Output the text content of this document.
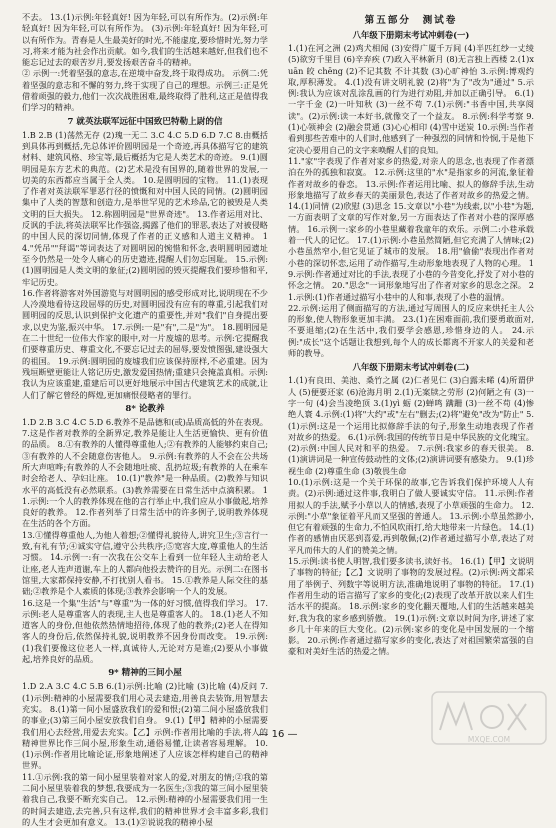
不去。 13.(1)示例:年轻真好! 因为年轻,可以有所作为。(2)示例:年轻真好! 因为年轻,可以有所作为。 (3)示例:年轻真好! 因为年轻,可以有所作为。青春是人生最美好的时光,不能虚度,要珍惜时光,努力学习,将来才能为社会作出贡献。如今,我们的生活越来越好,但我们也不能忘记过去的艰苦岁月,要发扬艰苦奋斗的精神。

② 示例一:凭着坚强的意志,在逆境中奋发,终于取得成功。 示例二:凭着坚强的意志和不懈的努力,终于实现了自己的理想。示例三:正是凭借着顽强的毅力,他们一次次战胜困难,最终取得了胜利,这正是值得我们学习的精神。

7 就英法联军远征中国致巴特勒上尉的信

1.B 2.B (1)荡然无存 (2)瑰一无二 3.C 4.C 5.D 6.D 7.C 8.由概括到具体再到概括,先总体评价圆明园是一个奇迹,再具体描写它的建筑材料、建筑风格、珍宝等,最后概括为它是人类艺术的奇迹。 9.(1)圆明园是东方艺术的典范。(2)艺术是没有国界的,随着世界的发展,一切美的东西都应当属于全人类。 10.是圆明园的宝物。 11.(1)表现了作者对英法联军罪恶行径的愤慨和对中国人民的同情。(2)圆明园集中了人类的智慧和创造力,是举世罕见的艺术珍品,它的被毁是人类文明的巨大损失。 12.称圆明园是"世界奇迹"。 13.作者运用对比、反讽的手法,将英法联军比作强盗,揭露了他们的罪恶,表达了对被侵略的中国人民的深切同情,体现了作者的正义感和人道主义精神。 14."凭吊""拜谒"等词表达了对圆明园的惋惜和怀念,表明圆明园遗址至今仍然是一处令人痛心的历史遗迹,提醒人们勿忘国耻。 15.示例:(1)圆明园是人类文明的象征;(2)圆明园的毁灭提醒我们要珍惜和平,牢记历史。

16.作者将游客对外国游览与对圆明园的感受形成对比,说明现在不少人冷漠地看待这段屈辱的历史,对圆明园没有应有的尊重,引起我们对圆明园的反思,认识到保护文化遗产的重要性,并对"我们"自身提出要求,以史为鉴,振兴中华。 17.示例:一是"有",二是"为"。 18.圆明园是在二十世纪一位伟大作家的眼中,对一片废墟的思考。示例:它提醒我们要尊重历史、尊重文化,不要忘记过去的屈辱,要发愤图强,建设强大的祖国。 19.示例:圆明园的废墟我们应该保持原样,不必重建。因为残垣断壁更能让人铭记历史,激发爱国热情;重建只会掩盖真相。示例:我认为应该重建,重建后可以更好地展示中国古代建筑艺术的成就,让人们了解它曾经的辉煌,更加痛恨侵略者的罪行。

8* 论教养

1.D 2.B 3.C 4.C 5.D 6.教养不是品德和(或)品质高低的外在表现。 7.这是作者对教养的全新界定,教养是能让人生活更愉快、更有价值的品质。 8.①有教养的人懂得尊重他人;②有教养的人能够约束自己;③有教养的人不会随意伤害他人。 9.示例:有教养的人不会在公共场所大声喧哗;有教养的人不会随地吐痰、乱扔垃圾;有教养的人在乘车时会给老人、孕妇让座。 10.(1)"教养"是一种品质。(2)教养与知识水平的高低没有必然联系。(3)教养需要在日常生活中点滴积累。 11.示例:一个人的教养体现在他的言行举止中,我们应从小事做起,培养良好的教养。 12.作者列举了日常生活中的许多例子,说明教养体现在生活的各个方面。

13.①懂得尊重他人,为他人着想;②懂得礼貌待人,讲究卫生;③言行一致,有礼有节;④诚实守信,遵守公共秩序;⑤宽容大度,尊重他人的生活习惯。 14.示例一:有一次我在公交车上看到一位年轻人主动给老人让座,老人连声道谢,车上的人都向他投去赞许的目光。示例二:在图书馆里,大家都保持安静,不打扰别人看书。 15.①教养是人际交往的基础;②教养是个人素质的体现;③教养会影响一个人的发展。

16.这是一个集"生活"与"尊重"为一体的好习惯,值得我们学习。 17.示例:老人是尊重客人的表现,主人也是尊重客人的。 18.(1)老人不知道客人的身份,但他依然热情地招待,体现了他的教养;(2)老人在得知客人的身份后,依然保持礼貌,说明教养不因身份而改变。 19.示例:(1)我们要像这位老人一样,真诚待人,无论对方是谁;(2)要从小事做起,培养良好的品质。

9* 精神的三间小屋

1.D 2.A 3.C 4.C 5.B 6.(1)示例:比喻 (2)比喻 (3)比喻 (4)反问 7.(1)示例:精神的小屋需要我们用心灵去建造,用善良去装饰,用智慧去充实。 8.(1)第一间小屋盛放我们的爱和恨;(2)第二间小屋盛放我们的事业;(3)第三间小屋安放我们自身。 9.(1)【甲】精神的小屋需要我们用心去经营,用爱去充实。【乙】示例:作者用比喻的手法,将人的精神世界比作三间小屋,形象生动,通俗易懂,让读者容易理解。 10.(1)示例:作者用比喻论证,形象地阐述了人应该怎样构建自己的精神世界。

11.①示例:我的第一间小屋里装着对家人的爱,对朋友的情;②我的第二间小屋里装着我的梦想,我要成为一名医生;③我的第三间小屋里装着我自己,我要不断充实自己。 12.示例:精神的小屋需要我们用一生的时间去建造,去完善,只有这样,我们的精神世界才会丰富多彩,我们的人生才会更加有意义。 13.(1)②说说我的精神小屋

第五部分　测试卷

八年级下册期末考试冲刺卷(一)

1.(1)在河之洲 (2)鸡犬相闻 (3)安得广厦千万间 (4)半匹红纱一丈绫 (5)欲穷千里目 (6)辛弃疾 (7)政入平林新月 (8)无言独上西楼 2.(1)xuān 皎 chēng (2)不记其数 不计其数 (3)心旷神怡 3.示例:博观约取,厚积薄发。 4.(1)没有讲文明礼貌 (2)将"为了"改为"通过" 5.示例:我认为应该对乱涂乱画的行为进行劝阻,并加以正确引导。 6.(1)一字千金 (2)一叶知秋 (3)一丝不苟 7.(1)示例:"书香中国,共享阅读"。(2)示例:读一本好书,就像交了一个益友。 8.示例:科学考察 9.(1)心领神会 (2)融会贯通 (3)心心相印 (4)雪中送炭 10.示例:当作者看到那些苦难中的人们时,他感到了一种强烈的同情和怜悯,于是他下定决心要用自己的文字来唤醒人们的良知。

11."家"字表现了作者对家乡的热爱,对亲人的思念,也表现了作者漂泊在外的孤独和寂寞。 12.示例:这里的"水"是指家乡的河流,象征着作者对故乡的眷恋。 13.示例:作者运用比喻、拟人的修辞手法,生动形象地描写了故乡春天的美丽景色,表达了作者对故乡的热爱之情。 14.(1)同情 (2)欣慰 (3)思念 15.文章以"小巷"为线索,以"小巷"为题,一方面表明了文章的写作对象,另一方面表达了作者对小巷的深厚感情。 16.示例一:家乡的小巷里藏着我童年的欢乐。示例二:小巷承载着一代人的记忆。 17.(1)示例:小巷虽然简陋,但它充满了人情味;(2)小巷虽然窄小,但它见证了城市的发展。 18.用"偷偷"表现出作者对小巷的深切怀恋,运用了动作描写,生动形象地表现了人物的心理。 19.示例:作者通过对比的手法,表现了小巷的今昔变化,抒发了对小巷的怀念之情。 20."思念"一词形象地写出了作者对家乡的思念之深。 21.示例:(1)作者通过描写小巷中的人和事,表现了小巷的温情。

22.示例:运用了侧面描写的方法,通过写周围人的反应来烘托主人公的形象,使人物形象更加丰满。 23.(1)在困难面前,我们要勇敢面对,不要退缩;(2)在生活中,我们要学会感恩,珍惜身边的人。 24.示例:"成长"这个话题让我想到,每个人的成长都离不开家人的关爱和老师的教导。

八年级下册期末考试冲刺卷(二)

1.(1)有良田、美池、桑竹之属 (2)仁者见仁 (3)白露未晞 (4)所谓伊人 (5)便要还家 (6)沧海月明 2.(1)无案牍之劳形 (2)何陋之有 (3)一字一句 (4)会当凌绝顶 3.(1)yì 蛎 (2)蝉鸣 蹒跚 (3)一丝不苟 (4)惨绝人寰 4.示例:(1)将"大约"或"左右"删去;(2)将"避免"改为"防止" 5.(1)示例:这是一个运用比拟修辞手法的句子,形象生动地表现了作者对故乡的热爱。 6.(1)示例:我国的传统节日是中华民族的文化瑰宝。(2)示例:中国人民对和平的热爱。 7.示例:我家乡的春天很美。 8.(1)演讲词是一种宣传鼓动性的文体;(2)演讲词要有感染力。 9.(1)珍视生命 (2)尊重生命 (3)敬畏生命

10.(1)示例:这是一个关于环保的故事,它告诉我们保护环境人人有责。(2)示例:通过这件事,我明白了做人要诚实守信。 11.示例:作者用拟人的手法,赋予小草以人的情感,表现了小草顽强的生命力。 12.示例:"小草"象征着平凡而又坚强的普通人。 13.示例:小草虽然渺小,但它有着顽强的生命力,不怕风吹雨打,给大地带来一片绿色。 14.(1)作者的感情由厌恶到喜爱,再到敬佩;(2)作者通过描写小草,表达了对平凡而伟大的人们的赞美之情。

15.示例:读书使人明智,我们要多读书,读好书。 16.(1)【甲】文说明了事物的特征;【乙】文说明了事物的发展过程。(2)示例:两文都采用了举例子、列数字等说明方法,准确地说明了事物的特征。 17.(1)作者用生动的语言描写了家乡的变化;(2)表现了改革开放以来人们生活水平的提高。 18.示例:家乡的变化翻天覆地,人们的生活越来越美好,我为我的家乡感到骄傲。 19.(1)示例:文章以时间为序,讲述了家乡几十年来的巨大变化。(2)示例:家乡的变化是中国发展的一个缩影。 20.示例:作者通过描写家乡的变化,表达了对祖国繁荣富强的自豪和对美好生活的热爱之情。

— 16 —	MXQE.COM
